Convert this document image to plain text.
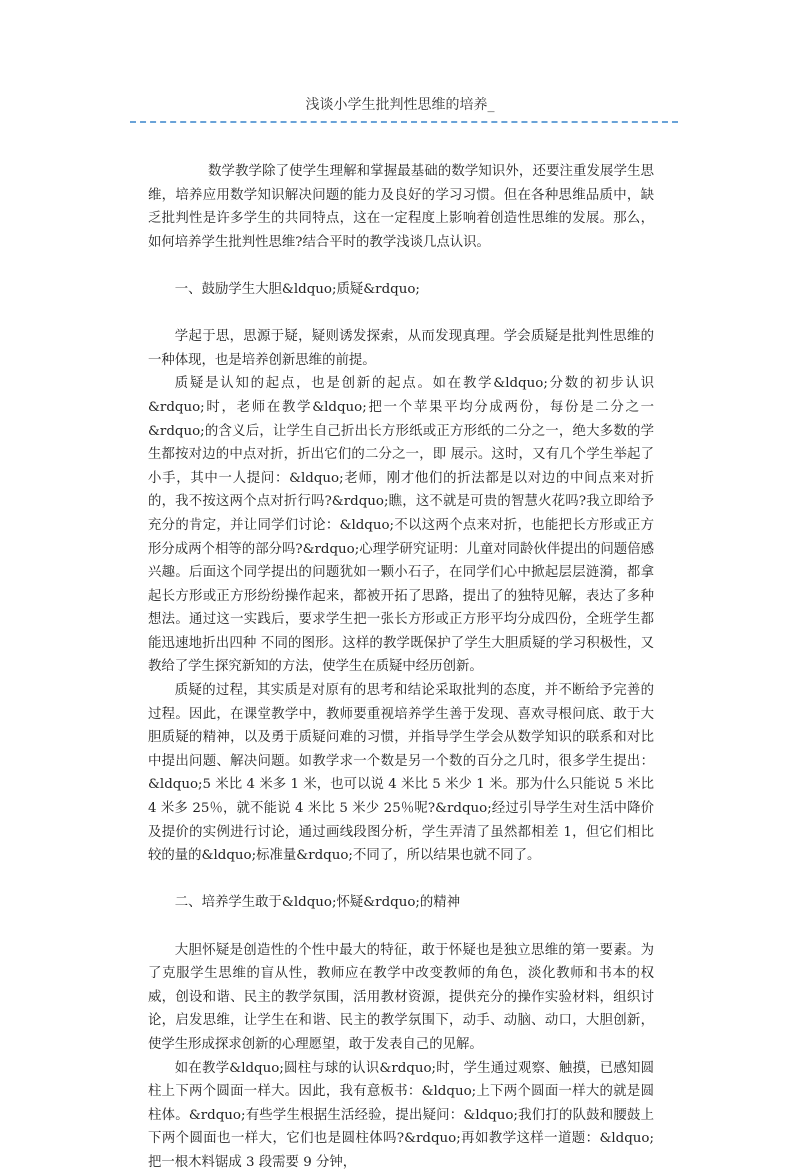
浅谈小学生批判性思维的培养_

数学教学除了使学生理解和掌握最基础的数学知识外，还要注重发展学生思维，培养应用数学知识解决问题的能力及良好的学习习惯。但在各种思维品质中，缺乏批判性是许多学生的共同特点，这在一定程度上影响着创造性思维的发展。那么，如何培养学生批判性思维?结合平时的教学浅谈几点认识。

一、鼓励学生大胆&ldquo;质疑&rdquo;

学起于思，思源于疑，疑则诱发探索，从而发现真理。学会质疑是批判性思维的一种体现，也是培养创新思维的前提。

质疑是认知的起点，也是创新的起点。如在教学&ldquo;分数的初步认识&rdquo;时，老师在教学&ldquo;把一个苹果平均分成两份，每份是二分之一&rdquo;的含义后，让学生自己折出长方形纸或正方形纸的二分之一，绝大多数的学生都按对边的中点对折，折出它们的二分之一，即 展示。这时，又有几个学生举起了小手，其中一人提问：&ldquo;老师，刚才他们的折法都是以对边的中间点来对折的，我不按这两个点对折行吗?&rdquo;瞧，这不就是可贵的智慧火花吗?我立即给予充分的肯定，并让同学们讨论：&ldquo;不以这两个点来对折，也能把长方形或正方形分成两个相等的部分吗?&rdquo;心理学研究证明：儿童对同龄伙伴提出的问题倍感兴趣。后面这个同学提出的问题犹如一颗小石子，在同学们心中掀起层层涟漪，都拿起长方形或正方形纷纷操作起来，都被开拓了思路，提出了的独特见解，表达了多种想法。通过这一实践后，要求学生把一张长方形或正方形平均分成四份，全班学生都能迅速地折出四种 不同的图形。这样的教学既保护了学生大胆质疑的学习积极性，又教给了学生探究新知的方法，使学生在质疑中经历创新。

质疑的过程，其实质是对原有的思考和结论采取批判的态度，并不断给予完善的过程。因此，在课堂教学中，教师要重视培养学生善于发现、喜欢寻根问底、敢于大胆质疑的精神，以及勇于质疑问难的习惯，并指导学生学会从数学知识的联系和对比中提出问题、解决问题。如教学求一个数是另一个数的百分之几时，很多学生提出：&ldquo;5 米比 4 米多 1 米，也可以说 4 米比 5 米少 1 米。那为什么只能说 5 米比 4 米多 25％，就不能说 4 米比 5 米少 25％呢?&rdquo;经过引导学生对生活中降价及提价的实例进行讨论，通过画线段图分析，学生弄清了虽然都相差 1，但它们相比较的量的&ldquo;标准量&rdquo;不同了，所以结果也就不同了。

二、培养学生敢于&ldquo;怀疑&rdquo;的精神

大胆怀疑是创造性的个性中最大的特征，敢于怀疑也是独立思维的第一要素。为了克服学生思维的盲从性，教师应在教学中改变教师的角色，淡化教师和书本的权威，创设和谐、民主的教学氛围，活用教材资源，提供充分的操作实验材料，组织讨论，启发思维，让学生在和谐、民主的教学氛围下，动手、动脑、动口，大胆创新，使学生形成探求创新的心理愿望，敢于发表自己的见解。

如在教学&ldquo;圆柱与球的认识&rdquo;时，学生通过观察、触摸，已感知圆柱上下两个圆面一样大。因此，我有意板书：&ldquo;上下两个圆面一样大的就是圆柱体。&rdquo;有些学生根据生活经验，提出疑问：&ldquo;我们打的队鼓和腰鼓上下两个圆面也一样大，它们也是圆柱体吗?&rdquo;再如教学这样一道题：&ldquo;把一根木料锯成 3 段需要 9 分钟，
